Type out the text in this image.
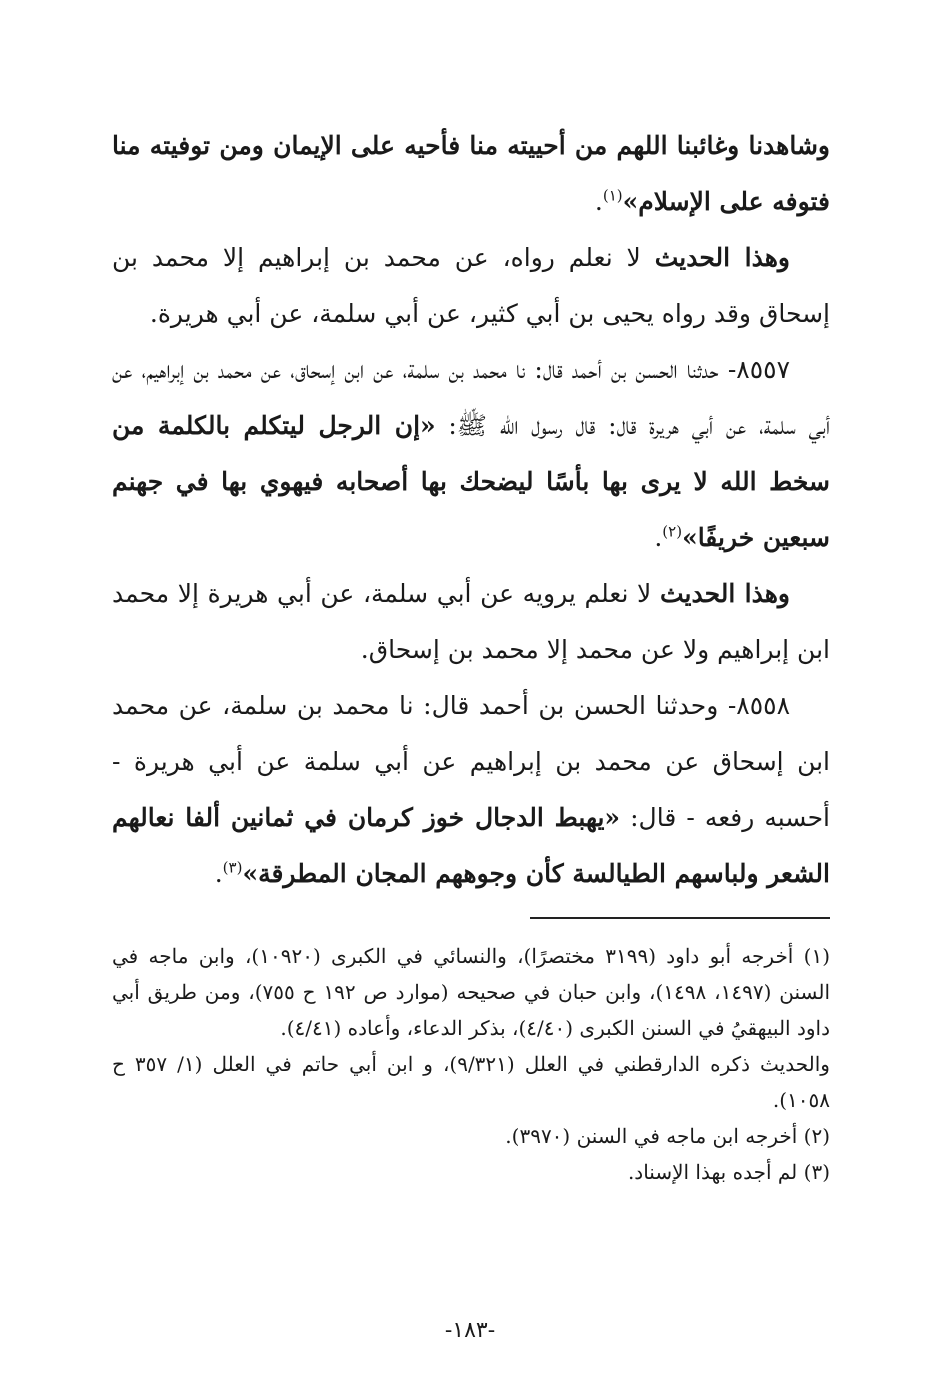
وشاهدنا وغائبنا اللهم من أحييته منا فأحيه على الإيمان ومن توفيته منا فتوفه على الإسلام»$^{(١)}$.

وهذا الحديث لا نعلم رواه، عن محمد بن إبراهيم إلا محمد بن إسحاق وقد رواه يحيى بن أبي كثير، عن أبي سلمة، عن أبي هريرة.

٨٥٥٧- حدثنا الحسن بن أحمد قال: نا محمد بن سلمة، عن ابن إسحاق، عن محمد بن إبراهيم، عن أبي سلمة، عن أبي هريرة قال: قال رسول الله ﷺ: «إن الرجل ليتكلم بالكلمة من سخط الله لا يرى بها بأسًا ليضحك بها أصحابه فيهوي بها في جهنم سبعين خريفًا»$^{(٢)}$.

وهذا الحديث لا نعلم يرويه عن أبي سلمة، عن أبي هريرة إلا محمد ابن إبراهيم ولا عن محمد إلا محمد بن إسحاق.

٨٥٥٨- وحدثنا الحسن بن أحمد قال: نا محمد بن سلمة، عن محمد ابن إسحاق عن محمد بن إبراهيم عن أبي سلمة عن أبي هريرة - أحسبه رفعه - قال: «يهبط الدجال خوز كرمان في ثمانين ألفا نعالهم الشعر ولباسهم الطيالسة كأن وجوههم المجان المطرقة»$^{(٣)}$.

(١) أخرجه أبو داود (٣١٩٩ مختصرًا)، والنسائي في الكبرى (١٠٩٢٠)، وابن ماجه في السنن (١٤٩٧، ١٤٩٨)، وابن حبان في صحيحه (موارد ص ١٩٢ ح ٧٥٥)، ومن طريق أبي داود البيهقيُ في السنن الكبرى (٤/٤٠)، بذكر الدعاء، وأعاده (٤/٤١).

والحديث ذكره الدارقطني في العلل (٩/٣٢١)، و ابن أبي حاتم في العلل (١/ ٣٥٧ ح ١٠٥٨).

(٢) أخرجه ابن ماجه في السنن (٣٩٧٠).

(٣) لم أجده بهذا الإسناد.

-١٨٣-
